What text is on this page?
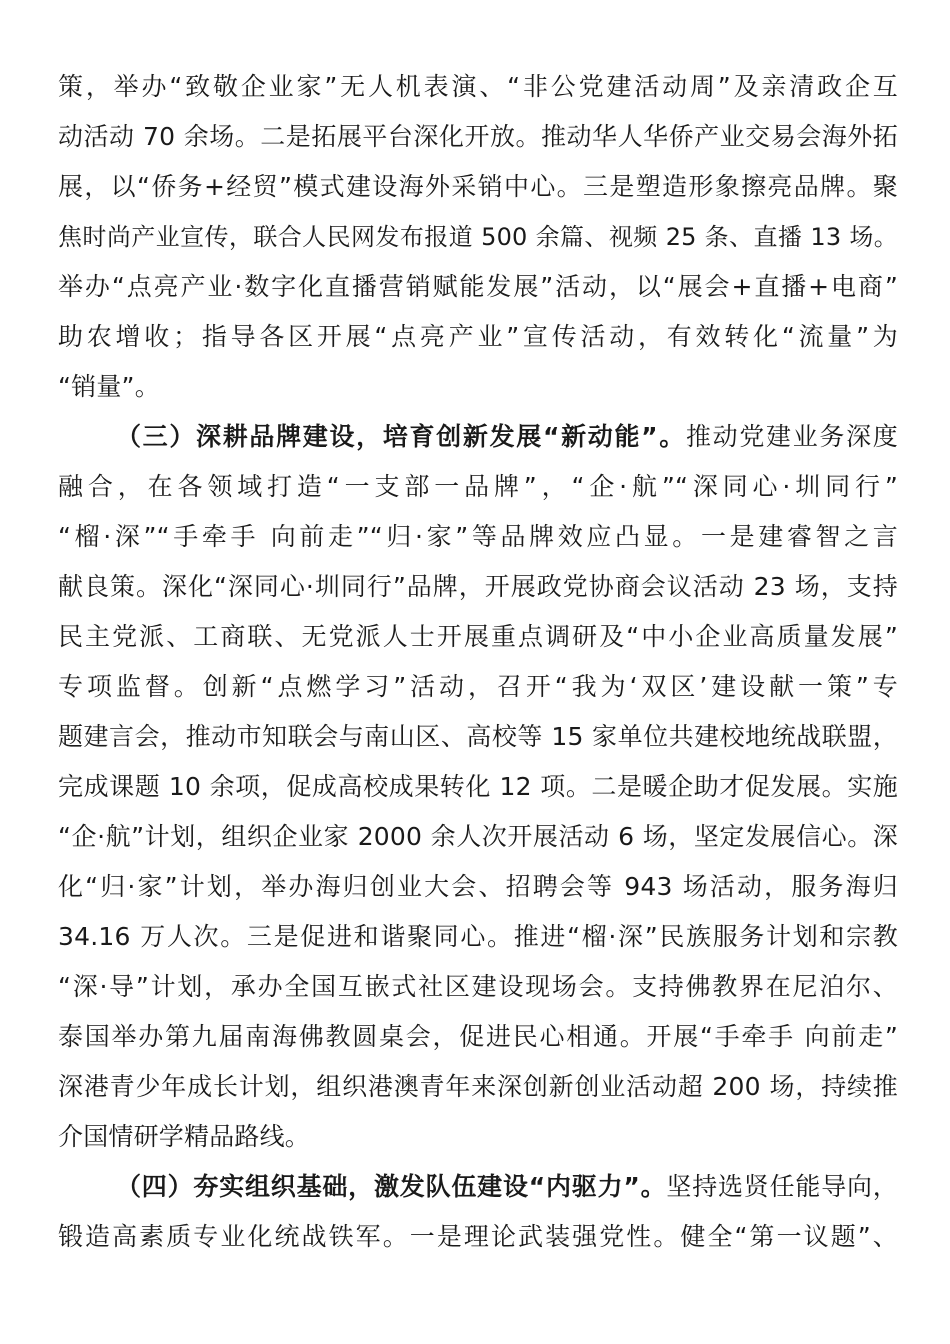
策，举办“致敬企业家”无人机表演、“非公党建活动周”及亲清政企互
动活动 70 余场。二是拓展平台深化开放。推动华人华侨产业交易会海外拓
展，以“侨务+经贸”模式建设海外采销中心。三是塑造形象擦亮品牌。聚
焦时尚产业宣传，联合人民网发布报道 500 余篇、视频 25 条、直播 13 场。
举办“点亮产业·数字化直播营销赋能发展”活动，以“展会+直播+电商”
助农增收；指导各区开展“点亮产业”宣传活动，有效转化“流量”为
“销量”。
（三）深耕品牌建设，培育创新发展“新动能”。推动党建业务深度
融合，在各领域打造“一支部一品牌”，“企·航”“深同心·圳同行”
“榴·深”“手牵手 向前走”“归·家”等品牌效应凸显。一是建睿智之言
献良策。深化“深同心·圳同行”品牌，开展政党协商会议活动 23 场，支持
民主党派、工商联、无党派人士开展重点调研及“中小企业高质量发展”
专项监督。创新“点燃学习”活动，召开“我为‘双区’建设献一策”专
题建言会，推动市知联会与南山区、高校等 15 家单位共建校地统战联盟，
完成课题 10 余项，促成高校成果转化 12 项。二是暖企助才促发展。实施
“企·航”计划，组织企业家 2000 余人次开展活动 6 场，坚定发展信心。深
化“归·家”计划，举办海归创业大会、招聘会等 943 场活动，服务海归
34.16 万人次。三是促进和谐聚同心。推进“榴·深”民族服务计划和宗教
“深·导”计划，承办全国互嵌式社区建设现场会。支持佛教界在尼泊尔、
泰国举办第九届南海佛教圆桌会，促进民心相通。开展“手牵手 向前走”
深港青少年成长计划，组织港澳青年来深创新创业活动超 200 场，持续推
介国情研学精品路线。
（四）夯实组织基础，激发队伍建设“内驱力”。坚持选贤任能导向，
锻造高素质专业化统战铁军。一是理论武装强党性。健全“第一议题”、
